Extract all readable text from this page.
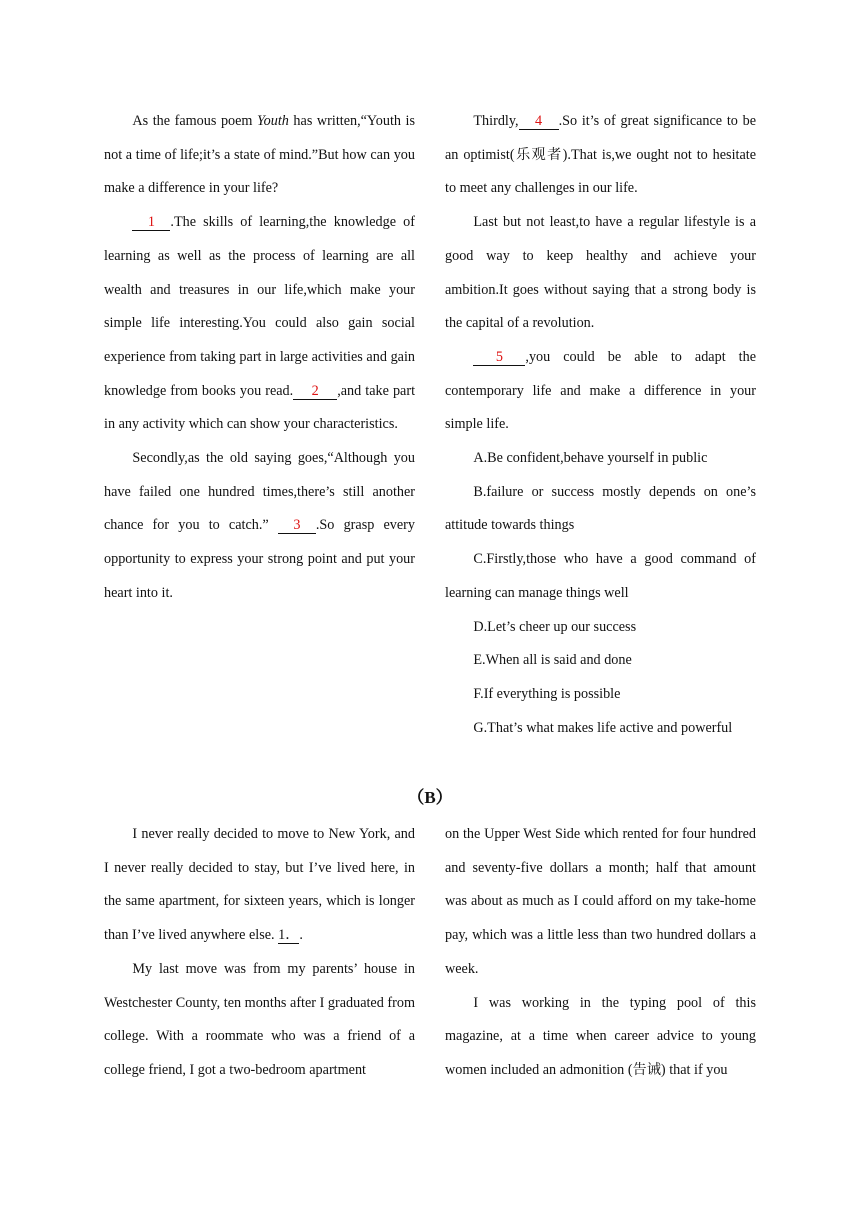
As the famous poem Youth has written,“Youth is not a time of life;it’s a state of mind.”But how can you make a difference in your life?

1 .The skills of learning,the knowledge of learning as well as the process of learning are all wealth and treasures in our life,which make your simple life interesting.You could also gain social experience from taking part in large activities and gain knowledge from books you read. 2 ,and take part in any activity which can show your characteristics.

Secondly,as the old saying goes,“Although you have failed one hundred times,there’s still another chance for you to catch.” 3 .So grasp every opportunity to express your strong point and put your heart into it.

Thirdly, 4 .So it’s of great significance to be an optimist(乐观者).That is,we ought not to hesitate to meet any challenges in our life.

Last but not least,to have a regular lifestyle is a good way to keep healthy and achieve your ambition.It goes without saying that a strong body is the capital of a revolution.

5 ,you could be able to adapt the contemporary life and make a difference in your simple life.

A.Be confident,behave yourself in public

B.failure or success mostly depends on one’s attitude towards things

C.Firstly,those who have a good command of learning can manage things well

D.Let’s cheer up our success

E.When all is said and done

F.If everything is possible

G.That’s what makes life active and powerful

（B）

I never really decided to move to New York, and I never really decided to stay, but I’ve lived here, in the same apartment, for sixteen years, which is longer than I’ve lived anywhere else. 1．.

My last move was from my parents’ house in Westchester County, ten months after I graduated from college. With a roommate who was a friend of a college friend, I got a two-bedroom apartment

on the Upper West Side which rented for four hundred and seventy-five dollars a month; half that amount was about as much as I could afford on my take-home pay, which was a little less than two hundred dollars a week.

I was working in the typing pool of this magazine, at a time when career advice to young women included an admonition (告诫) that if you
